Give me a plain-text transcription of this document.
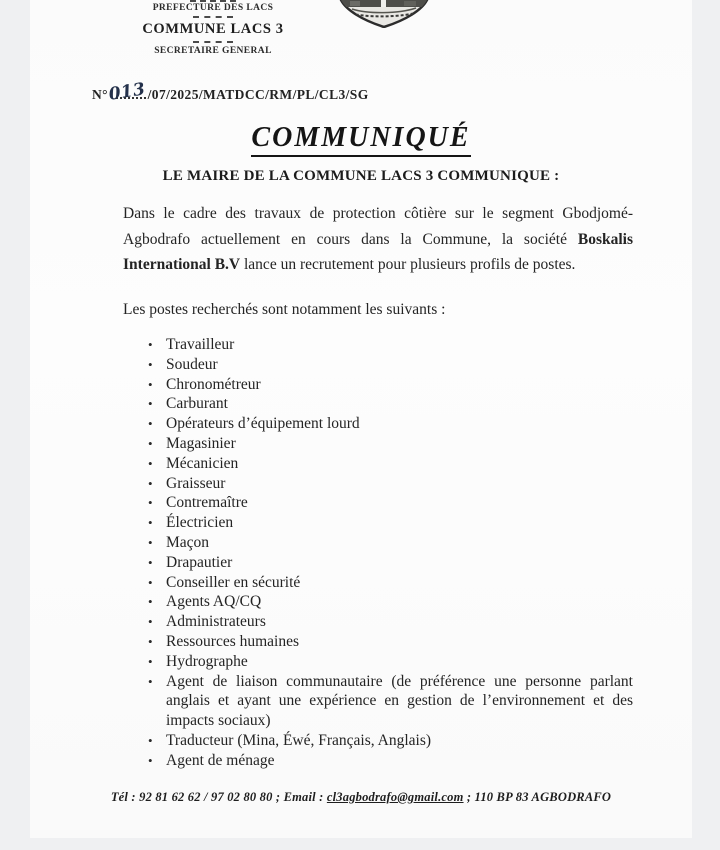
PREFECTURE DES LACS
COMMUNE LACS 3
SECRETAIRE GENERAL
N°013/07/2025/MATDCC/RM/PL/CL3/SG
COMMUNIQUÉ
LE MAIRE DE LA COMMUNE LACS 3 COMMUNIQUE :
Dans le cadre des travaux de protection côtière sur le segment Gbodjomé-Agbodrafo actuellement en cours dans la Commune, la société Boskalis International B.V lance un recrutement pour plusieurs profils de postes.
Les postes recherchés sont notamment les suivants :
• Travailleur
• Soudeur
• Chronométreur
• Carburant
• Opérateurs d’équipement lourd
• Magasinier
• Mécanicien
• Graisseur
• Contremaître
• Électricien
• Maçon
• Drapautier
• Conseiller en sécurité
• Agents AQ/CQ
• Administrateurs
• Ressources humaines
• Hydrographe
• Agent de liaison communautaire (de préférence une personne parlant anglais et ayant une expérience en gestion de l’environnement et des impacts sociaux)
• Traducteur (Mina, Éwé, Français, Anglais)
• Agent de ménage
Tél : 92 81 62 62 / 97 02 80 80 ; Email : cl3agbodrafo@gmail.com ; 110 BP 83 AGBODRAFO
